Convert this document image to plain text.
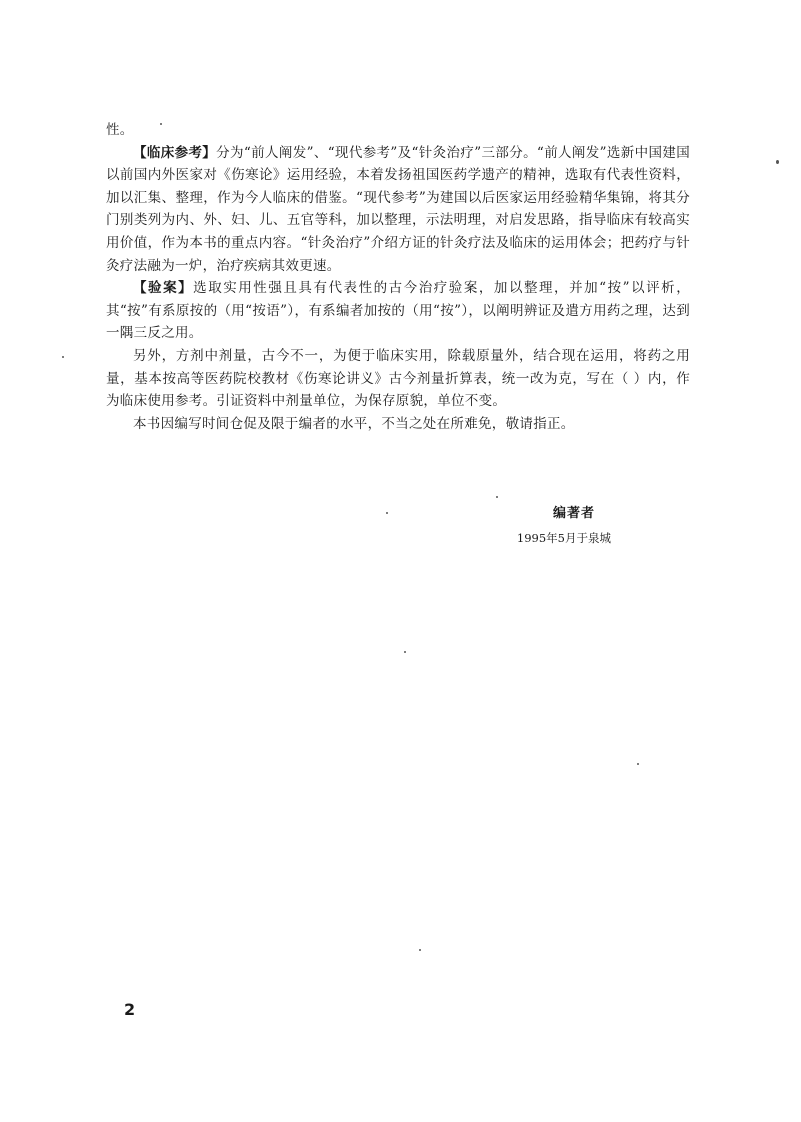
性。

【临床参考】分为“前人阐发”、“现代参考”及“针灸治疗”三部分。“前人阐发”选新中国建国以前国内外医家对《伤寒论》运用经验，本着发扬祖国医药学遗产的精神，选取有代表性资料，加以汇集、整理，作为今人临床的借鉴。“现代参考”为建国以后医家运用经验精华集锦，将其分门别类列为内、外、妇、儿、五官等科，加以整理，示法明理，对启发思路，指导临床有较高实用价值，作为本书的重点内容。“针灸治疗”介绍方证的针灸疗法及临床的运用体会；把药疗与针灸疗法融为一炉，治疗疾病其效更速。

【验案】选取实用性强且具有代表性的古今治疗验案，加以整理，并加“按”以评析，其“按”有系原按的（用“按语”），有系编者加按的（用“按”），以阐明辨证及遣方用药之理，达到一隅三反之用。

另外，方剂中剂量，古今不一，为便于临床实用，除载原量外，结合现在运用，将药之用量，基本按高等医药院校教材《伤寒论讲义》古今剂量折算表，统一改为克，写在（ ）内，作为临床使用参考。引证资料中剂量单位，为保存原貌，单位不变。

本书因编写时间仓促及限于编者的水平，不当之处在所难免，敬请指正。

编著者
1995年5月于泉城
2
